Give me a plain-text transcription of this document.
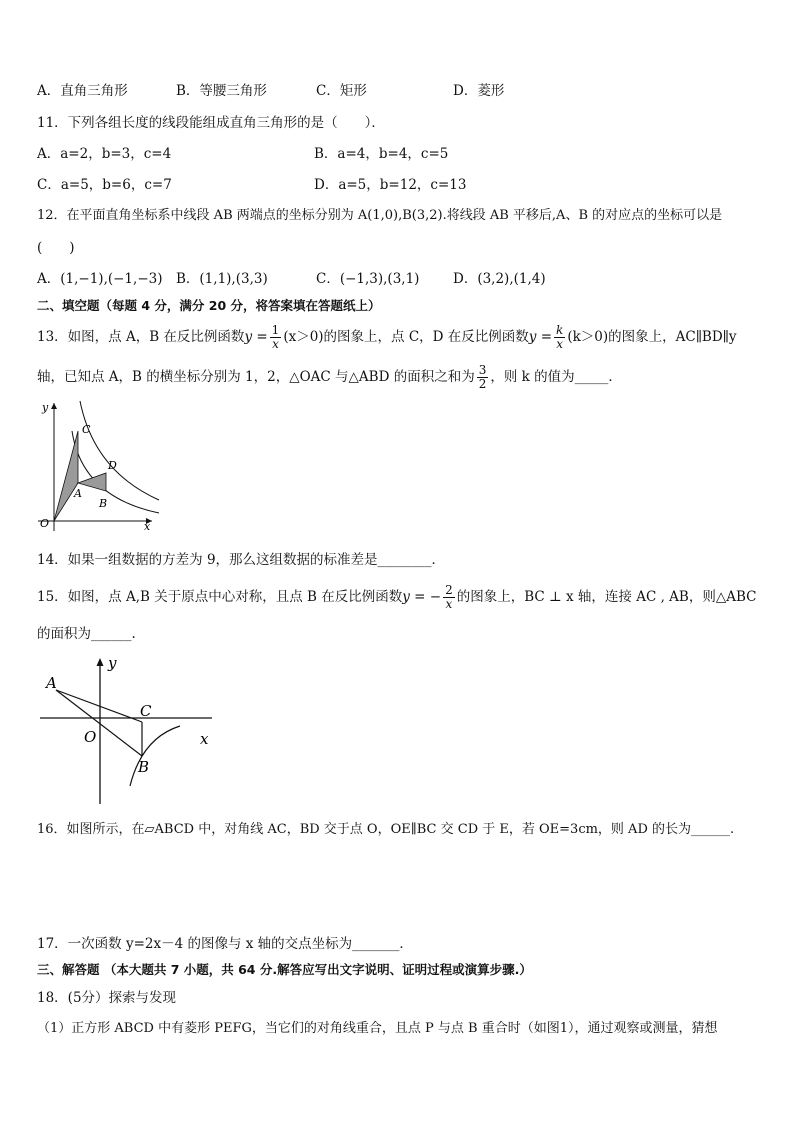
A．直角三角形	B．等腰三角形	C．矩形	D．菱形
11．下列各组长度的线段能组成直角三角形的是（　　）．
A．a=2，b=3，c=4	B．a=4，b=4，c=5
C．a=5，b=6，c=7	D．a=5，b=12，c=13
12．在平面直角坐标系中线段 AB 两端点的坐标分别为 A(1,0),B(3,2).将线段 AB 平移后,A、B 的对应点的坐标可以是
(　　)
A．(1,−1),(−1,−3) B．(1,1),(3,3)	C．(−1,3),(3,1) D．(3,2),(1,4)
二、填空题（每题 4 分，满分 20 分，将答案填在答题纸上）
13．如图，点 A，B 在反比例函数$y = \frac{1}{x} (x>0)$的图象上，点 C，D 在反比例函数$y = \frac{k}{x} (k>0)$的图象上，AC∥BD∥y
轴，已知点 A，B 的横坐标分别为 1，2，△OAC 与△ABD 的面积之和为 $\frac{3}{2}$ ，则 k 的值为_____．
C
D
A
B
O	x
y
14．如果一组数据的方差为 9，那么这组数据的标准差是________．
15．如图，点 A,B 关于原点中心对称，且点 B 在反比例函数y = − $\frac{2}{x}$ 的图象上，BC ⊥ x 轴，连接 AC , AB，则△ABC
的面积为______.
A
C
O
B
x
y
16．如图所示，在▱ABCD 中，对角线 AC，BD 交于点 O，OE∥BC 交 CD 于 E，若 OE=3cm，则 AD 的长为______.
17．一次函数 y=2x－4 的图像与 x 轴的交点坐标为_______．
三、解答题 （本大题共 7 小题，共 64 分.解答应写出文字说明、证明过程或演算步骤.）
18．(5分）探索与发现
（1）正方形 ABCD 中有菱形 PEFG，当它们的对角线重合，且点 P 与点 B 重合时（如图1），通过观察或测量，猜想
